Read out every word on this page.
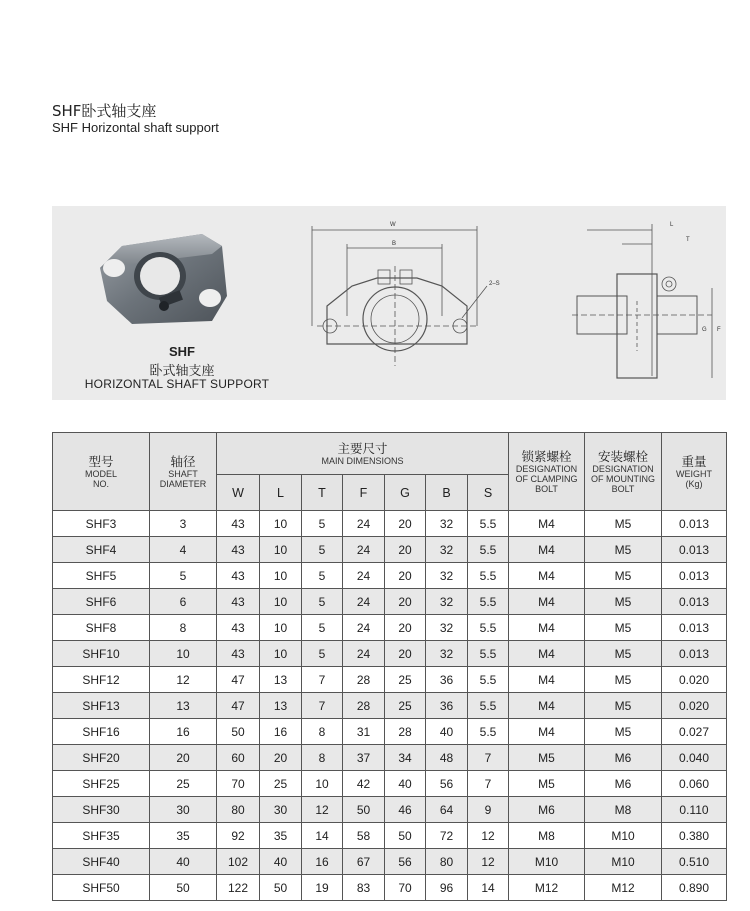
SHF卧式轴支座
SHF Horizontal shaft support
SHF
卧式轴支座
HORIZONTAL SHAFT SUPPORT
W
B
2–S
L
T
G F
型号
MODEL
NO.	轴径
SHAFT
DIAMETER	主要尺寸
MAIN DIMENSIONS							锁紧螺栓
DESIGNATION
OF CLAMPING
BOLT	安装螺栓
DESIGNATION
OF MOUNTING
BOLT	重量
WEIGHT
(Kg)

		W	L	T	F	G	B	S			
SHF3	3	43	10	5	24	20	32	5.5	M4	M5	0.013
SHF4	4	43	10	5	24	20	32	5.5	M4	M5	0.013
SHF5	5	43	10	5	24	20	32	5.5	M4	M5	0.013
SHF6	6	43	10	5	24	20	32	5.5	M4	M5	0.013
SHF8	8	43	10	5	24	20	32	5.5	M4	M5	0.013
SHF10	10	43	10	5	24	20	32	5.5	M4	M5	0.013
SHF12	12	47	13	7	28	25	36	5.5	M4	M5	0.020
SHF13	13	47	13	7	28	25	36	5.5	M4	M5	0.020
SHF16	16	50	16	8	31	28	40	5.5	M4	M5	0.027
SHF20	20	60	20	8	37	34	48	7	M5	M6	0.040
SHF25	25	70	25	10	42	40	56	7	M5	M6	0.060
SHF30	30	80	30	12	50	46	64	9	M6	M8	0.110
SHF35	35	92	35	14	58	50	72	12	M8	M10	0.380
SHF40	40	102	40	16	67	56	80	12	M10	M10	0.510
SHF50	50	122	50	19	83	70	96	14	M12	M12	0.890
